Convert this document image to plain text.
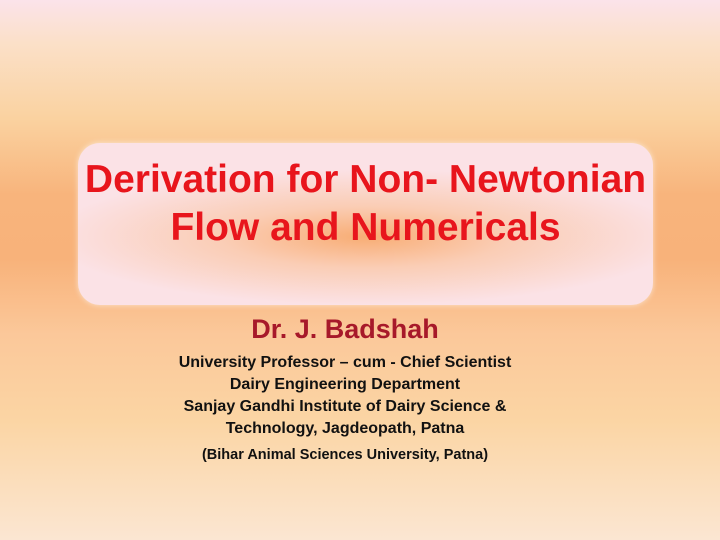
Derivation for Non- Newtonian
Flow and Numericals

Dr. J. Badshah

University Professor – cum - Chief Scientist

Dairy Engineering Department

Sanjay Gandhi Institute of Dairy Science &

Technology, Jagdeopath, Patna

(Bihar Animal Sciences University, Patna)
